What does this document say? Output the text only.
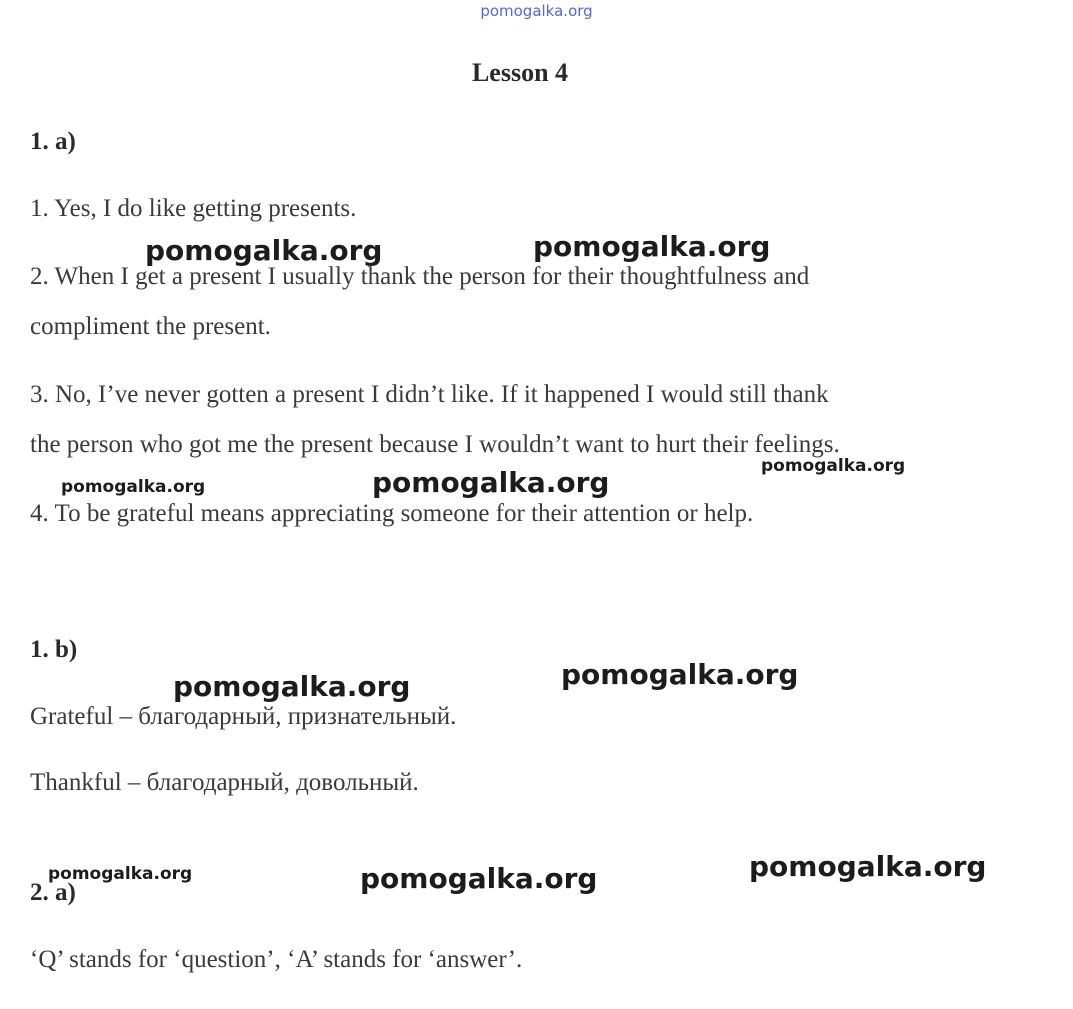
pomogalka.org
Lesson 4
1. a)
1. Yes, I do like getting presents.
2. When I get a present I usually thank the person for their thoughtfulness and
compliment the present.
3. No, I’ve never gotten a present I didn’t like. If it happened I would still thank
the person who got me the present because I wouldn’t want to hurt their feelings.
4. To be grateful means appreciating someone for their attention or help.
1. b)
Grateful – благодарный, признательный.
Thankful – благодарный, довольный.
2. a)
‘Q’ stands for ‘question’, ‘A’ stands for ‘answer’.
pomogalka.org	pomogalka.org
pomogalka.org
pomogalka.org	pomogalka.org
pomogalka.org
pomogalka.org
pomogalka.org
pomogalka.org	pomogalka.org
